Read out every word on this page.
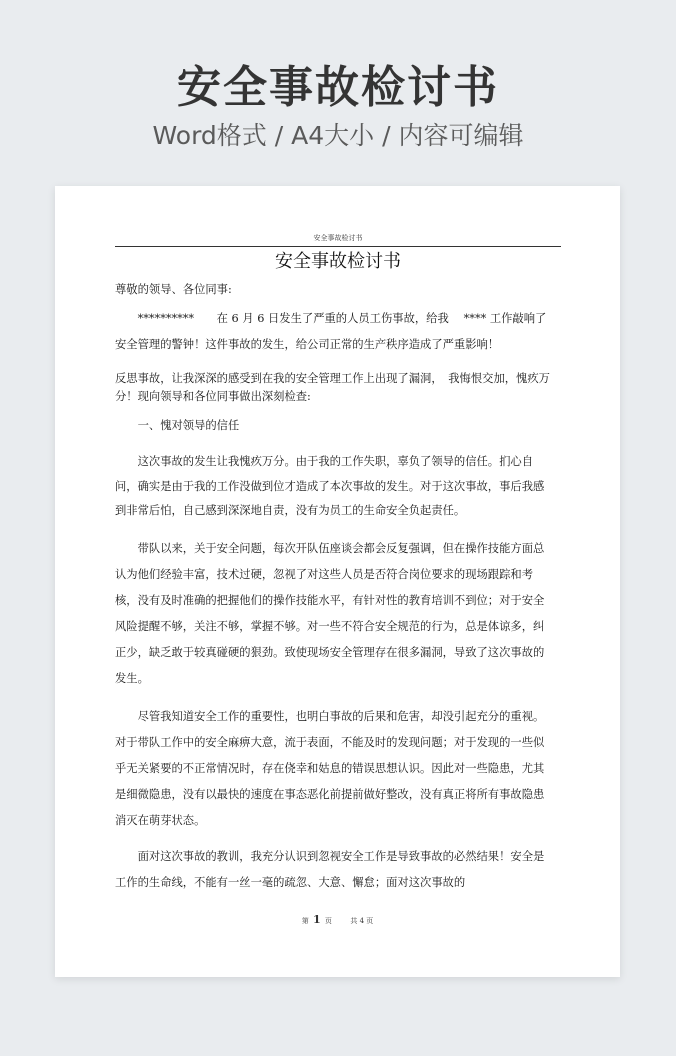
安全事故检讨书
Word格式 / A4大小 / 内容可编辑
安全事故检讨书
安全事故检讨书

尊敬的领导、各位同事:

**********　　在 6 月 6 日发生了严重的人员工伤事故，给我　 **** 工作敲响了安全管理的警钟！这件事故的发生，给公司正常的生产秩序造成了严重影响！

反思事故，让我深深的感受到在我的安全管理工作上出现了漏洞，　我悔恨交加，愧疚万分！现向领导和各位同事做出深刻检查:

一、愧对领导的信任

这次事故的发生让我愧疚万分。由于我的工作失职，辜负了领导的信任。扪心自问，确实是由于我的工作没做到位才造成了本次事故的发生。对于这次事故，事后我感到非常后怕，自己感到深深地自责，没有为员工的生命安全负起责任。

带队以来，关于安全问题，每次开队伍座谈会都会反复强调，但在操作技能方面总认为他们经验丰富，技术过硬，忽视了对这些人员是否符合岗位要求的现场跟踪和考核，没有及时准确的把握他们的操作技能水平，有针对性的教育培训不到位；对于安全风险提醒不够，关注不够，掌握不够。对一些不符合安全规范的行为，总是体谅多，纠正少，缺乏敢于较真碰硬的狠劲。致使现场安全管理存在很多漏洞，导致了这次事故的发生。

尽管我知道安全工作的重要性，也明白事故的后果和危害，却没引起充分的重视。对于带队工作中的安全麻痹大意，流于表面，不能及时的发现问题；对于发现的一些似乎无关紧要的不正常情况时，存在侥幸和姑息的错误思想认识。因此对一些隐患，尤其是细微隐患，没有以最快的速度在事态恶化前提前做好整改，没有真正将所有事故隐患消灭在萌芽状态。

面对这次事故的教训，我充分认识到忽视安全工作是导致事故的必然结果！安全是工作的生命线，不能有一丝一毫的疏忽、大意、懈怠；面对这次事故的

第 1 页	共 4 页
